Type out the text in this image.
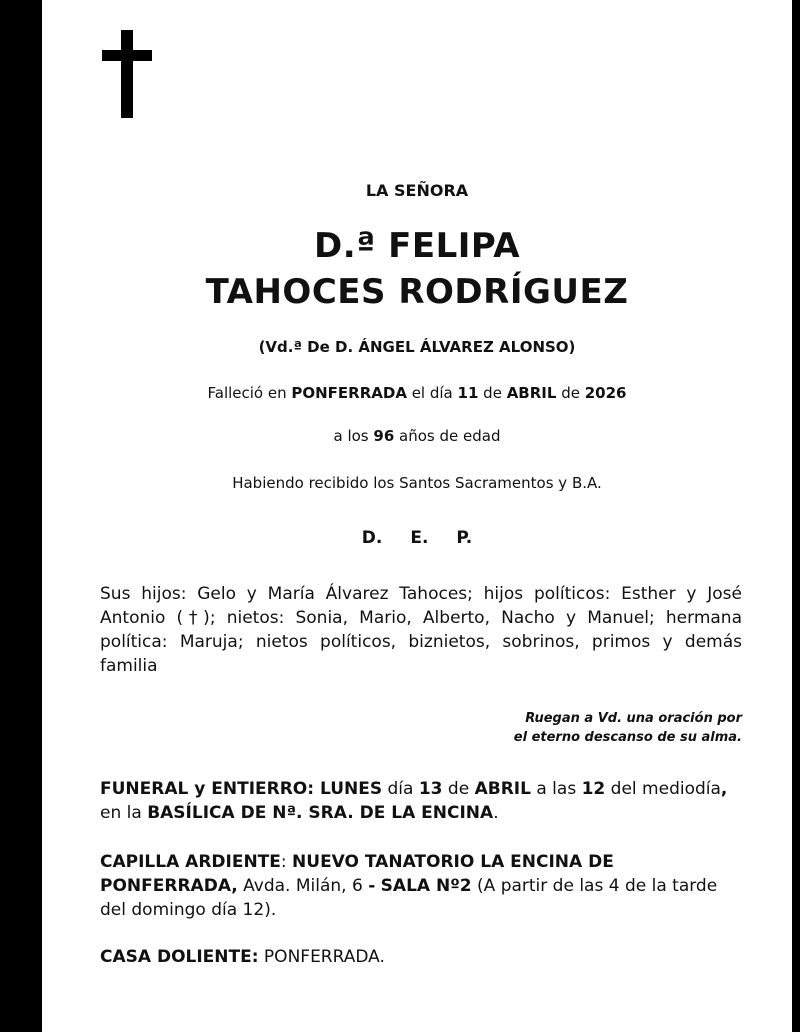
LA SEÑORA
D.ª FELIPA
TAHOCES RODRÍGUEZ
(Vd.ª De D. ÁNGEL ÁLVAREZ ALONSO)
Falleció en PONFERRADA el día 11 de ABRIL de 2026
a los 96 años de edad
Habiendo recibido los Santos Sacramentos y B.A.
D. E. P.
Sus hijos: Gelo y María Álvarez Tahoces; hijos políticos: Esther y José Antonio (†); nietos: Sonia, Mario, Alberto, Nacho y Manuel; hermana política: Maruja; nietos políticos, biznietos, sobrinos, primos y demás familia
Ruegan a Vd. una oración por
el eterno descanso de su alma.
FUNERAL y ENTIERRO: LUNES día 13 de ABRIL a las 12 del mediodía, en la BASÍLICA DE Nª. SRA. DE LA ENCINA.
CAPILLA ARDIENTE: NUEVO TANATORIO LA ENCINA DE PONFERRADA, Avda. Milán, 6 - SALA Nº2 (A partir de las 4 de la tarde del domingo día 12).
CASA DOLIENTE: PONFERRADA.
